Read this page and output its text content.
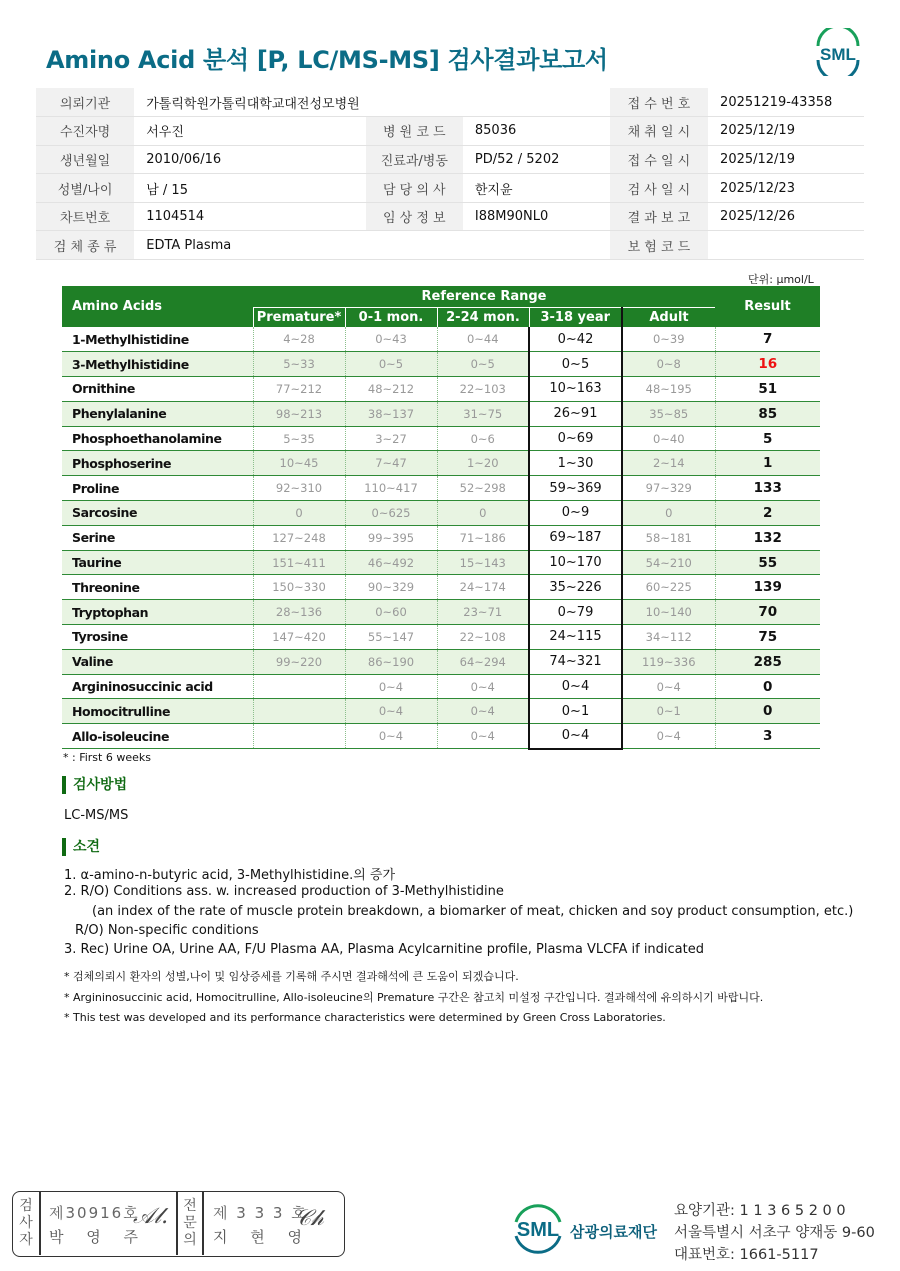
Amino Acid 분석 [P, LC/MS-MS] 검사결과보고서	SML
의뢰기관	가톨릭학원가톨릭대학교대전성모병원			접 수 번 호	20251219-43358
수진자명	서우진	병 원 코 드	85036	채 취 일 시	2025/12/19
생년월일	2010/06/16	진료과/병동	PD/52 / 5202	접 수 일 시	2025/12/19
성별/나이	남 / 15	담 당 의 사	한지윤	검 사 일 시	2025/12/23
차트번호	1104514	임 상 정 보	I88M90NL0	결 과 보 고	2025/12/26
검 체 종 류	EDTA Plasma			보 험 코 드	
단위: μmol/L
Amino Acids	Reference Range					Result
	Premature*	0-1 mon.	2-24 mon.	3-18 year	Adult	
1-Methylhistidine	4~28	0~43	0~44	0~42	0~39	7
3-Methylhistidine	5~33	0~5	0~5	0~5	0~8	16
Ornithine	77~212	48~212	22~103	10~163	48~195	51
Phenylalanine	98~213	38~137	31~75	26~91	35~85	85
Phosphoethanolamine	5~35	3~27	0~6	0~69	0~40	5
Phosphoserine	10~45	7~47	1~20	1~30	2~14	1
Proline	92~310	110~417	52~298	59~369	97~329	133
Sarcosine	0	0~625	0	0~9	0	2
Serine	127~248	99~395	71~186	69~187	58~181	132
Taurine	151~411	46~492	15~143	10~170	54~210	55
Threonine	150~330	90~329	24~174	35~226	60~225	139
Tryptophan	28~136	0~60	23~71	0~79	10~140	70
Tyrosine	147~420	55~147	22~108	24~115	34~112	75
Valine	99~220	86~190	64~294	74~321	119~336	285
Argininosuccinic acid		0~4	0~4	0~4	0~4	0
Homocitrulline		0~4	0~4	0~1	0~1	0
Allo-isoleucine		0~4	0~4	0~4	0~4	3
* : First 6 weeks
검사방법
LC-MS/MS
소견
1. α-amino-n-butyric acid, 3-Methylhistidine.의 증가
2. R/O) Conditions ass. w. increased production of 3-Methylhistidine
(an index of the rate of muscle protein breakdown, a biomarker of meat, chicken and soy product consumption, etc.)
R/O) Non-specific conditions
3. Rec) Urine OA, Urine AA, F/U Plasma AA, Plasma Acylcarnitine profile, Plasma VLCFA if indicated
* 검체의뢰시 환자의 성별,나이 및 임상증세를 기록해 주시면 결과해석에 큰 도움이 되겠습니다.
* Argininosuccinic acid, Homocitrulline, Allo-isoleucine의 Premature 구간은 참고치 미설정 구간입니다. 결과해석에 유의하시기 바랍니다.
* This test was developed and its performance characteristics were determined by Green Cross Laboratories.
검사자
제30916호
박 영 주
𝒜𝓁. 전문의
제 3 3 3 호
지 현 영
𝒞𝒽	SML 삼광의료재단
요양기관: 1 1 3 6 5 2 0 0
서울특별시 서초구 양재동 9-60
대표번호: 1661-5117
